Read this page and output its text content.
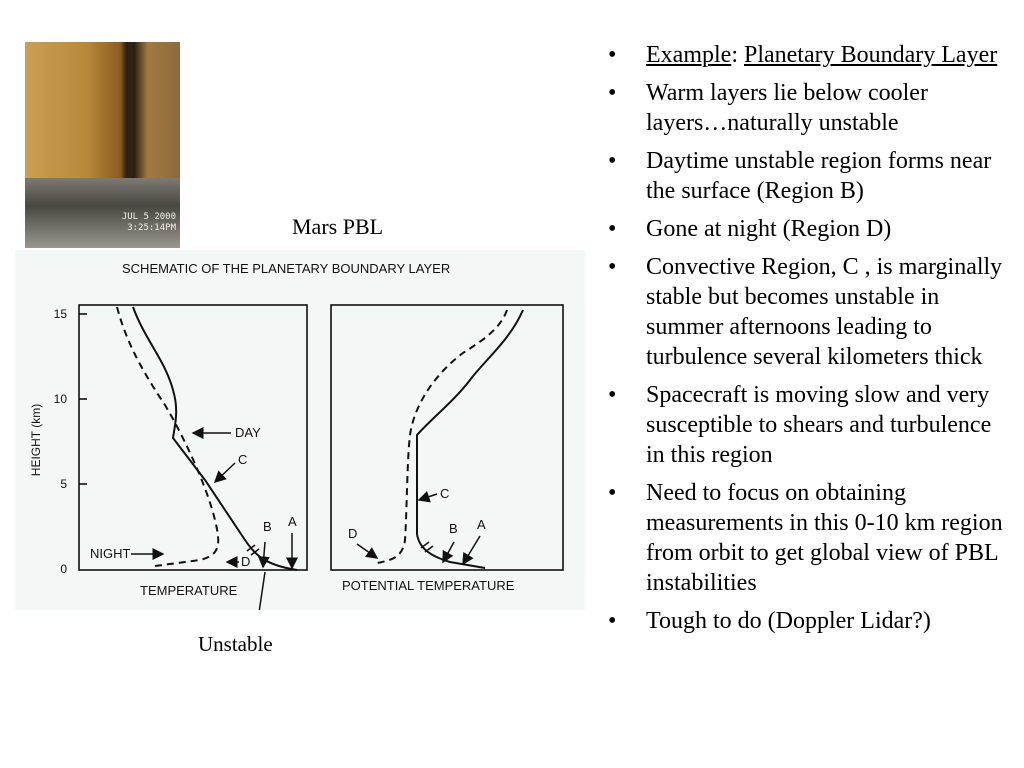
JUL 5 2000
3:25:14PM	Mars PBL
SCHEMATIC OF THE PLANETARY BOUNDARY LAYER
HEIGHT (km)
15
10
5
0
DAY
NIGHT
C
B A
D
TEMPERATURE
C
B A
D
POTENTIAL TEMPERATURE
Unstable
• Example: Planetary Boundary Layer
• Warm layers lie below cooler layers…naturally unstable
• Daytime unstable region forms near the surface (Region B)
• Gone at night (Region D)
• Convective Region, C , is marginally stable but becomes unstable in summer afternoons leading to turbulence several kilometers thick
• Spacecraft is moving slow and very susceptible to shears and turbulence in this region
• Need to focus on obtaining measurements in this 0-10 km region from orbit to get global view of PBL instabilities
• Tough to do (Doppler Lidar?)
